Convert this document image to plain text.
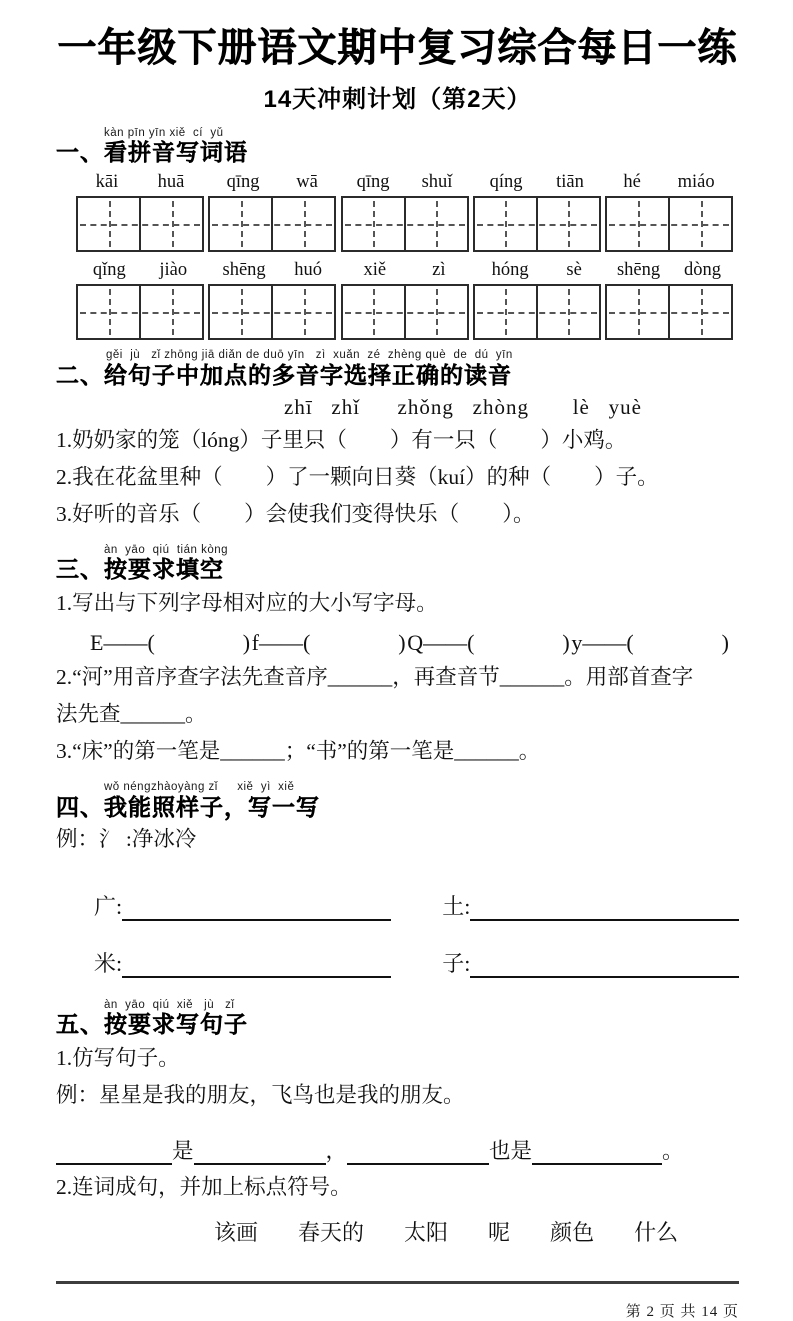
一年级下册语文期中复习综合每日一练
14天冲刺计划（第2天）
kàn pīn yīn xiě  cí  yǔ
一、看拼音写词语
kāi huā qīng wā qīng shuǐ qíng tiān hé miáo
qǐng jiào shēng huó xiě zì hóng sè shēng dòng
gěi  jù   zǐ zhōng jiā diǎn de duō yīn   zì  xuǎn  zé  zhèng què  de  dú  yīn
二、给句子中加点的多音字选择正确的读音
zhī   zhǐ      zhǒng   zhòng       lè   yuè
1.奶奶家的笼（lóng）子里只 •（　　）有一只 •（　　）小鸡。
2.我在花盆里种 •（　　）了一颗向日葵（kuí）的种 •（　　）子。
3.好听的音乐 •（　　）会使我们变得快乐 •（　　）。
àn  yāo  qiú  tián kòng
三、按要求填空
1.写出与下列字母相对应的大小写字母。
E——(　　　　) f——(　　　　) Q——(　　　　) y——(　　　　)
2.“河”用音序查字法先查音序______，再查音节______。用部首查字
法先查______。
3.“床”的第一笔是______；“书”的第一笔是______。
wǒ néngzhàoyàng zǐ　  xiě  yì  xiě
四、我能照样子，写一写
例：氵 :净冰冷
广:	土:
米:	子:
àn  yāo  qiú  xiě   jù   zǐ
五、按要求写句子
1.仿写句子。
例：星星是我的朋友，飞鸟也是我的朋友。
是	，	也是	。
2.连词成句，并加上标点符号。
该画 春天的 太阳 呢 颜色 什么
第 2 页 共 14 页
